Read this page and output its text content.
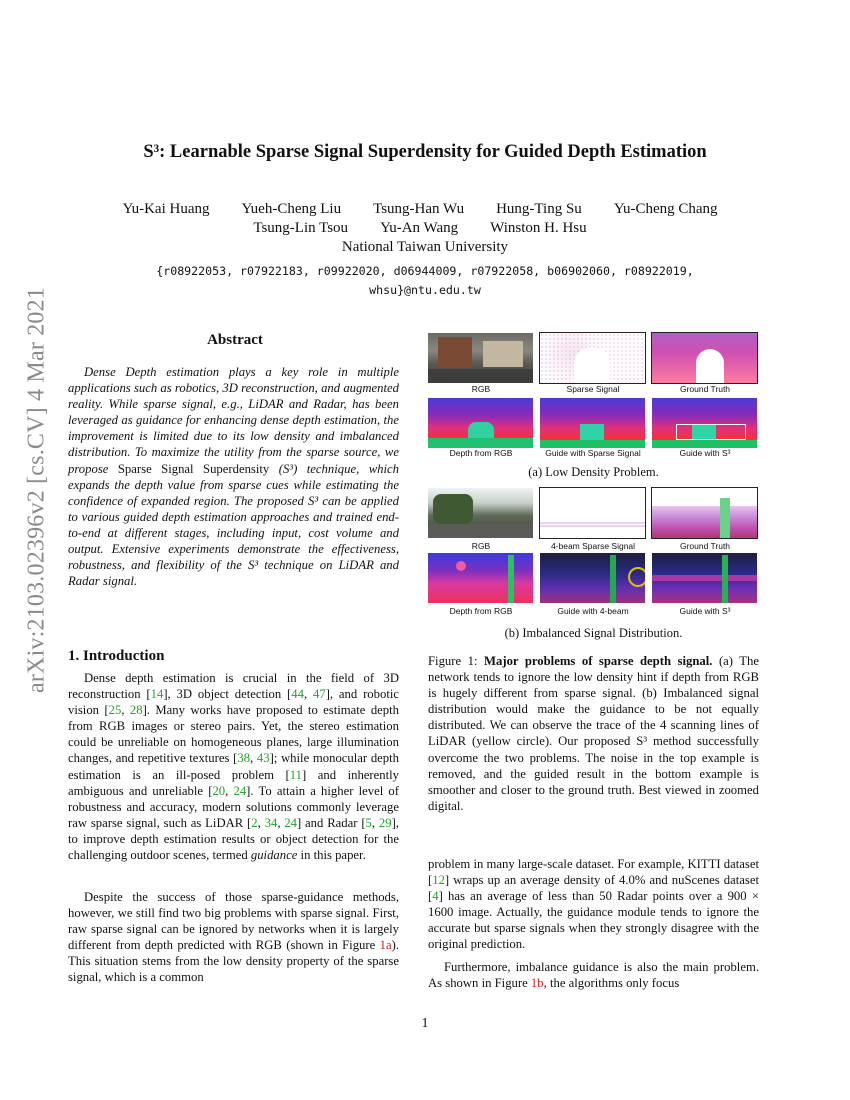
S³: Learnable Sparse Signal Superdensity for Guided Depth Estimation
Yu-Kai Huang Yueh-Cheng Liu Tsung-Han Wu Hung-Ting Su Yu-Cheng Chang
Tsung-Lin Tsou Yu-An Wang Winston H. Hsu
National Taiwan University
{r08922053, r07922183, r09922020, d06944009, r07922058, b06902060, r08922019,
whsu}@ntu.edu.tw
arXiv:2103.02396v2 [cs.CV] 4 Mar 2021	Abstract
Dense Depth estimation plays a key role in multiple applications such as robotics, 3D reconstruction, and augmented reality. While sparse signal, e.g., LiDAR and Radar, has been leveraged as guidance for enhancing dense depth estimation, the improvement is limited due to its low density and imbalanced distribution. To maximize the utility from the sparse source, we propose Sparse Signal Superdensity (S³) technique, which expands the depth value from sparse cues while estimating the confidence of expanded region. The proposed S³ can be applied to various guided depth estimation approaches and trained end-to-end at different stages, including input, cost volume and output. Extensive experiments demonstrate the effectiveness, robustness, and flexibility of the S³ technique on LiDAR and Radar signal.
RGB	Sparse Signal	Ground Truth
Depth from RGB	Guide with Sparse Signal	Guide with S³
(a) Low Density Problem.
RGB	4-beam Sparse Signal	Ground Truth
Depth from RGB	Guide with 4-beam	Guide with S³
(b) Imbalanced Signal Distribution.
Figure 1: Major problems of sparse depth signal. (a) The network tends to ignore the low density hint if depth from RGB is hugely different from sparse signal. (b) Imbalanced signal distribution would make the guidance to be not equally distributed. We can observe the trace of the 4 scanning lines of LiDAR (yellow circle). Our proposed S³ method successfully overcome the two problems. The noise in the top example is removed, and the guided result in the bottom example is smoother and closer to the ground truth. Best viewed in zoomed digital.
1. Introduction
Dense depth estimation is crucial in the field of 3D reconstruction [14], 3D object detection [44, 47], and robotic vision [25, 28]. Many works have proposed to estimate depth from RGB images or stereo pairs. Yet, the stereo estimation could be unreliable on homogeneous planes, large illumination changes, and repetitive textures [38, 43]; while monocular depth estimation is an ill-posed problem [11] and inherently ambiguous and unreliable [20, 24]. To attain a higher level of robustness and accuracy, modern solutions commonly leverage raw sparse signal, such as LiDAR [2, 34, 24] and Radar [5, 29], to improve depth estimation results or object detection for the challenging outdoor scenes, termed guidance in this paper.
Despite the success of those sparse-guidance methods, however, we still find two big problems with sparse signal. First, raw sparse signal can be ignored by networks when it is largely different from depth predicted with RGB (shown in Figure 1a). This situation stems from the low density property of the sparse signal, which is a common
problem in many large-scale dataset. For example, KITTI dataset [12] wraps up an average density of 4.0% and nuScenes dataset [4] has an average of less than 50 Radar points over a 900 × 1600 image. Actually, the guidance module tends to ignore the accurate but sparse signals when they strongly disagree with the original prediction.
Furthermore, imbalance guidance is also the main problem. As shown in Figure 1b, the algorithms only focus
1
